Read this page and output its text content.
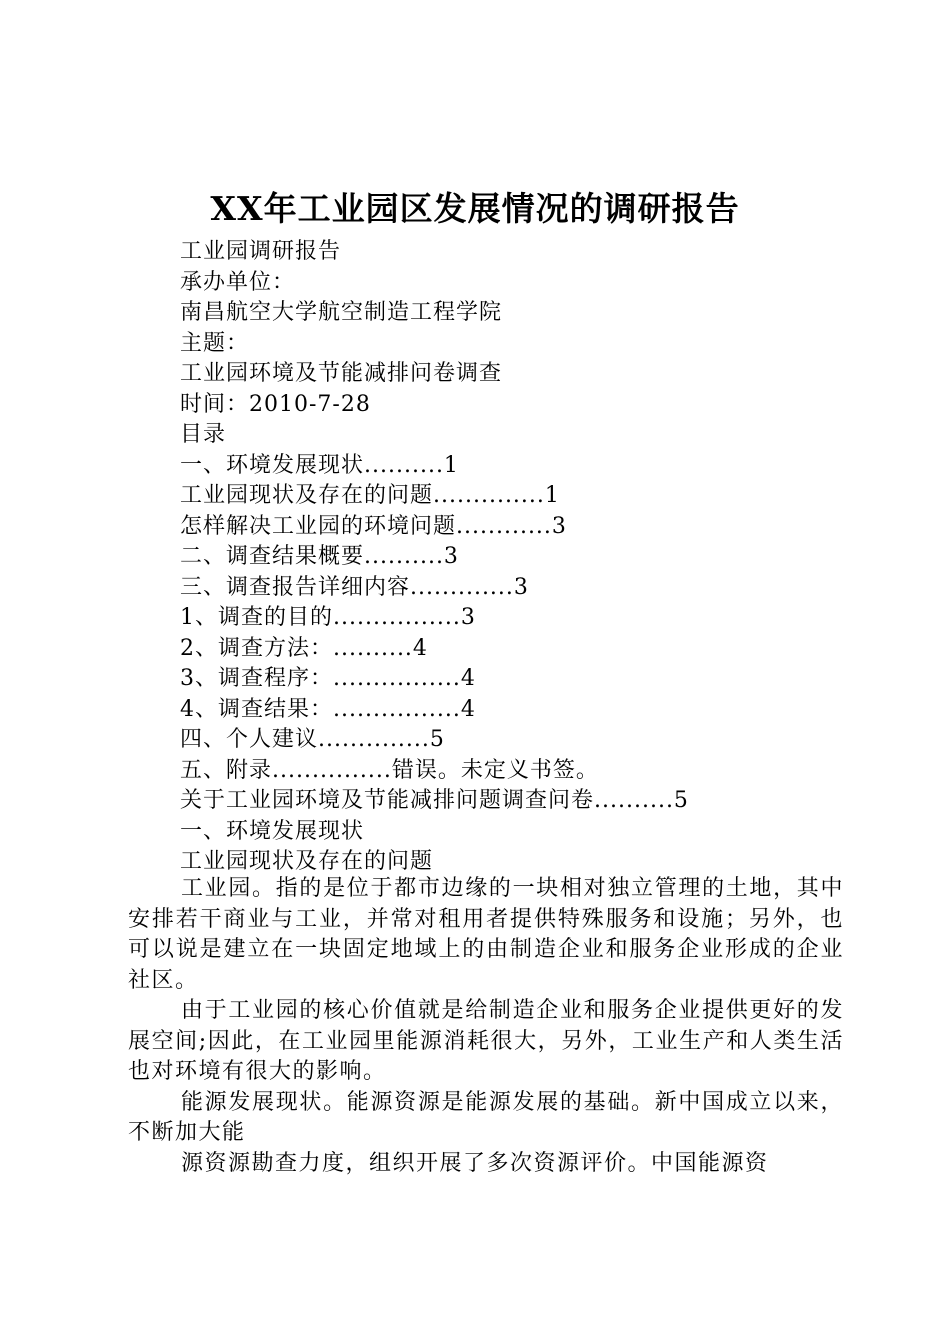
XX年工业园区发展情况的调研报告
工业园调研报告
承办单位：
南昌航空大学航空制造工程学院
主题：
工业园环境及节能减排问卷调查
时间：2010-7-28
目录
一、环境发展现状..........1
工业园现状及存在的问题..............1
怎样解决工业园的环境问题............3
二、调查结果概要..........3
三、调查报告详细内容.............3
1、调查的目的................3
2、调查方法：..........4
3、调查程序：................4
4、调查结果：................4
四、个人建议..............5
五、附录...............错误。未定义书签。
关于工业园环境及节能减排问题调查问卷..........5
一、环境发展现状
工业园现状及存在的问题

工业园。指的是位于都市边缘的一块相对独立管理的土地，其中安排若干商业与工业，并常对租用者提供特殊服务和设施；另外，也可以说是建立在一块固定地域上的由制造企业和服务企业形成的企业社区。

由于工业园的核心价值就是给制造企业和服务企业提供更好的发展空间;因此，在工业园里能源消耗很大，另外，工业生产和人类生活也对环境有很大的影响。

能源发展现状。能源资源是能源发展的基础。新中国成立以来，不断加大能

源资源勘查力度，组织开展了多次资源评价。中国能源资
